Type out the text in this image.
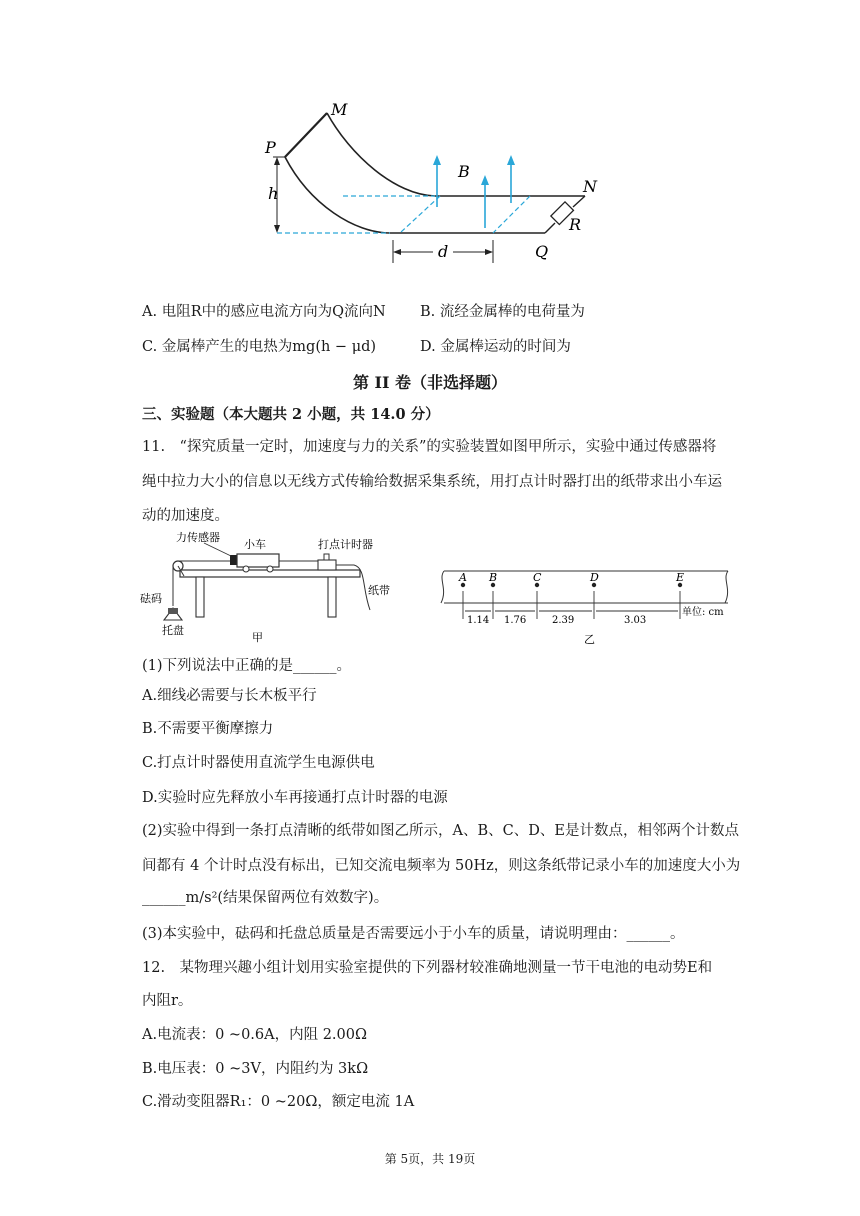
M
P
h
B
N
R
d	Q
A. 电阻R中的感应电流方向为Q流向N B. 流经金属棒的电荷量为
C. 金属棒产生的电热为mg(h − μd)	D. 金属棒运动的时间为
第 II 卷（非选择题）
三、实验题（本大题共 2 小题，共 14.0 分）
11.　“探究质量一定时，加速度与力的关系”的实验装置如图甲所示，实验中通过传感器将
绳中拉力大小的信息以无线方式传输给数据采集系统，用打点计时器打出的纸带求出小车运
动的加速度。
力传感器
小车	打点计时器
砝码
托盘
纸带
甲
A B	C	D	E
1.14 1.76	2.39	3.03
单位: cm
乙
(1)下列说法中正确的是______。
A.细线必需要与长木板平行
B.不需要平衡摩擦力
C.打点计时器使用直流学生电源供电
D.实验时应先释放小车再接通打点计时器的电源
(2)实验中得到一条打点清晰的纸带如图乙所示，A、B、C、D、E是计数点，相邻两个计数点
间都有 4 个计时点没有标出，已知交流电频率为 50Hz，则这条纸带记录小车的加速度大小为
______m/s²(结果保留两位有效数字)。
(3)本实验中，砝码和托盘总质量是否需要远小于小车的质量，请说明理由：______。
12.　某物理兴趣小组计划用实验室提供的下列器材较准确地测量一节干电池的电动势E和
内阻r。
A.电流表：0 ~0.6A，内阻 2.00Ω
B.电压表：0 ~3V，内阻约为 3kΩ
C.滑动变阻器R₁：0 ~20Ω，额定电流 1A
第 5页，共 19页
